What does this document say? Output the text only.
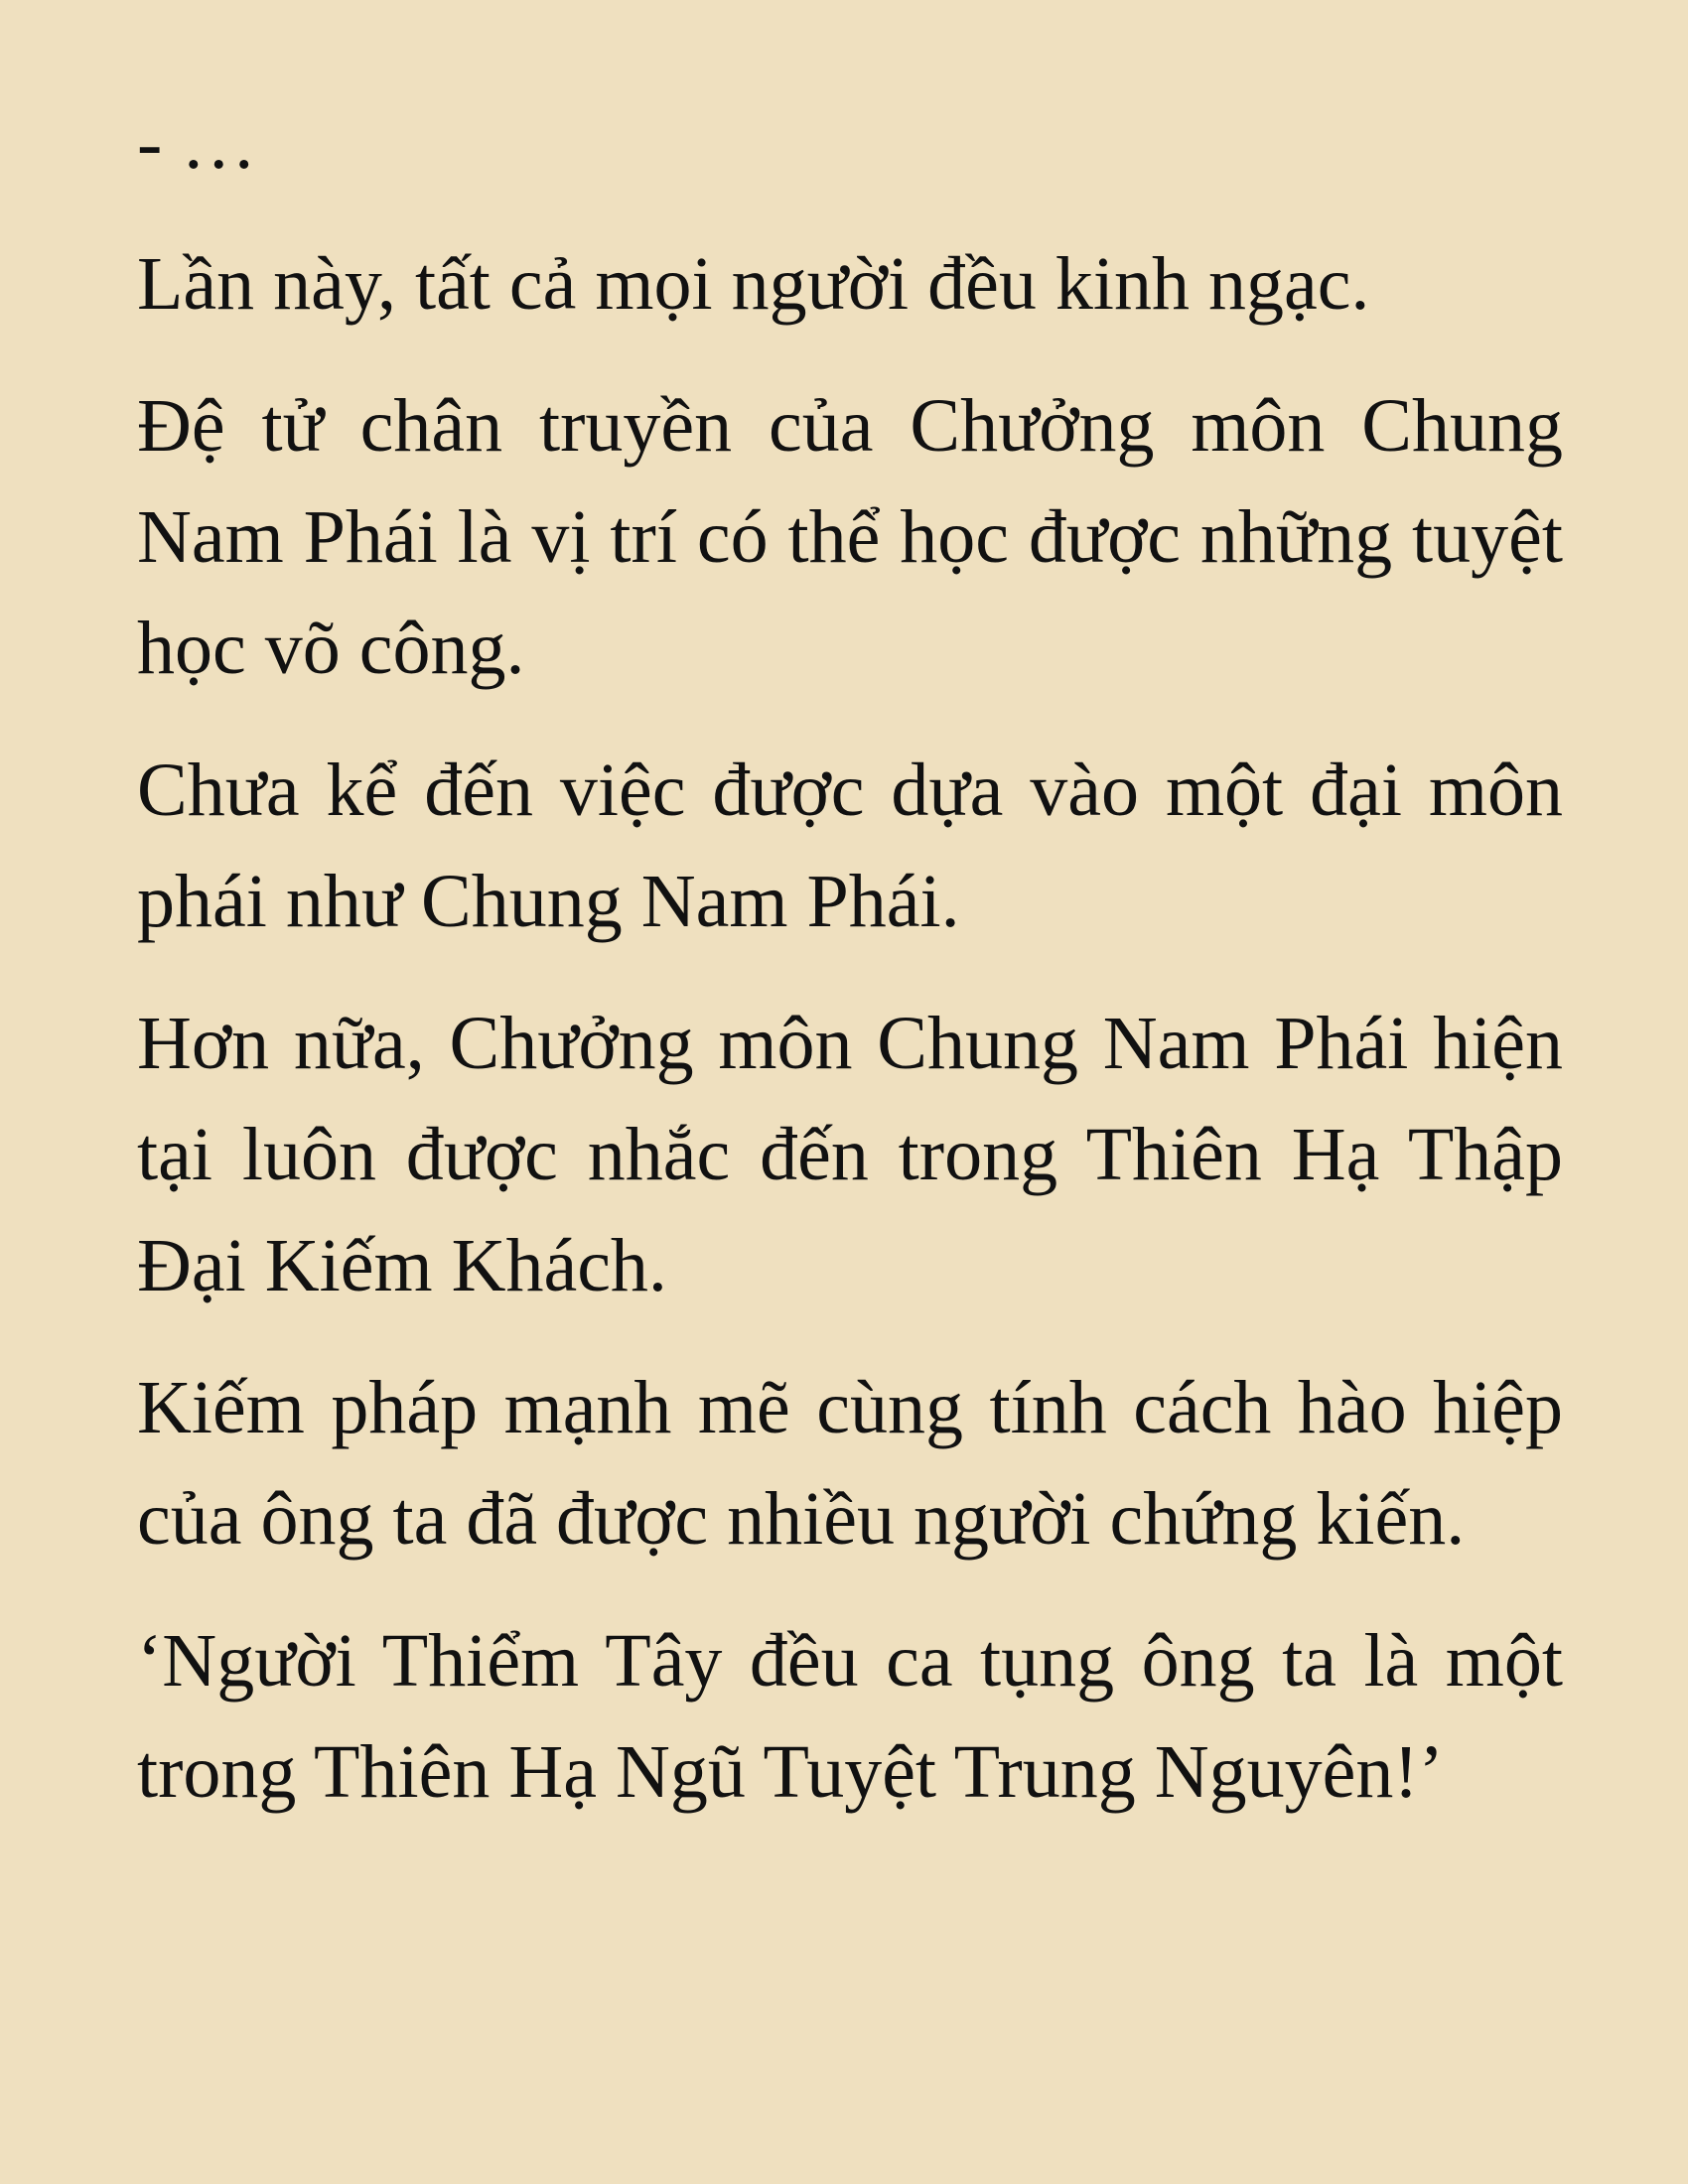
- …

Lần này, tất cả mọi người đều kinh ngạc.

Đệ tử chân truyền của Chưởng môn Chung Nam Phái là vị trí có thể học được những tuyệt học võ công.

Chưa kể đến việc được dựa vào một đại môn phái như Chung Nam Phái.

Hơn nữa, Chưởng môn Chung Nam Phái hiện tại luôn được nhắc đến trong Thiên Hạ Thập Đại Kiếm Khách.

Kiếm pháp mạnh mẽ cùng tính cách hào hiệp của ông ta đã được nhiều người chứng kiến.

‘Người Thiểm Tây đều ca tụng ông ta là một trong Thiên Hạ Ngũ Tuyệt Trung Nguyên!’
